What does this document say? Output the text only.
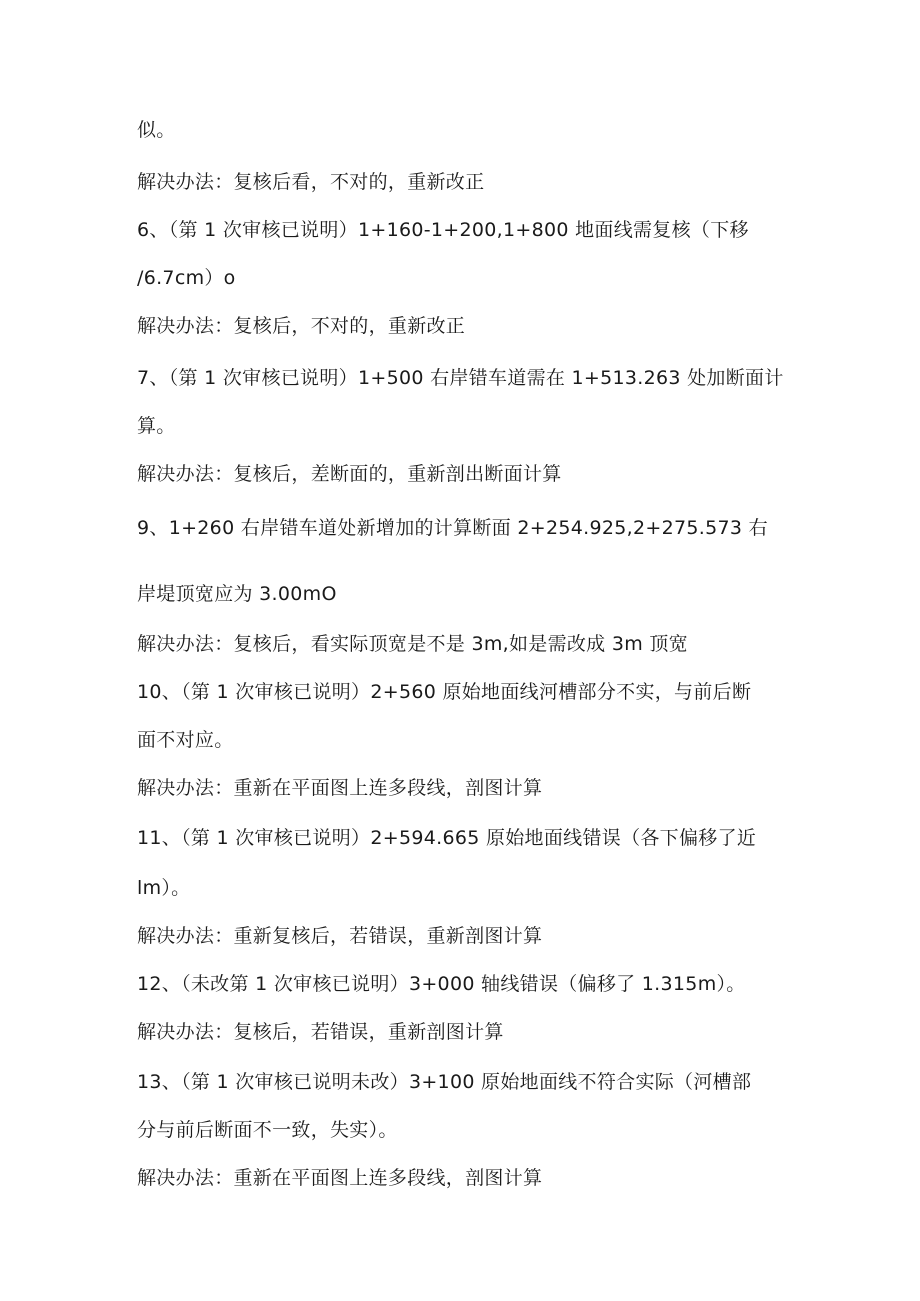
似。
解决办法：复核后看，不对的，重新改正
6、（第 1 次审核已说明）1+160-1+200,1+800 地面线需复核（下移
/6.7cm）o
解决办法：复核后，不对的，重新改正
7、（第 1 次审核已说明）1+500 右岸错车道需在 1+513.263 处加断面计
算。
解决办法：复核后，差断面的，重新剖出断面计算
9、1+260 右岸错车道处新增加的计算断面 2+254.925,2+275.573 右
岸堤顶宽应为 3.00mO
解决办法：复核后，看实际顶宽是不是 3m,如是需改成 3m 顶宽
10、（第 1 次审核已说明）2+560 原始地面线河槽部分不实，与前后断
面不对应。
解决办法：重新在平面图上连多段线，剖图计算
11、（第 1 次审核已说明）2+594.665 原始地面线错误（各下偏移了近
lm）。
解决办法：重新复核后，若错误，重新剖图计算
12、（未改第 1 次审核已说明）3+000 轴线错误（偏移了 1.315m）。
解决办法：复核后，若错误，重新剖图计算
13、（第 1 次审核已说明未改）3+100 原始地面线不符合实际（河槽部
分与前后断面不一致，失实）。
解决办法：重新在平面图上连多段线，剖图计算
